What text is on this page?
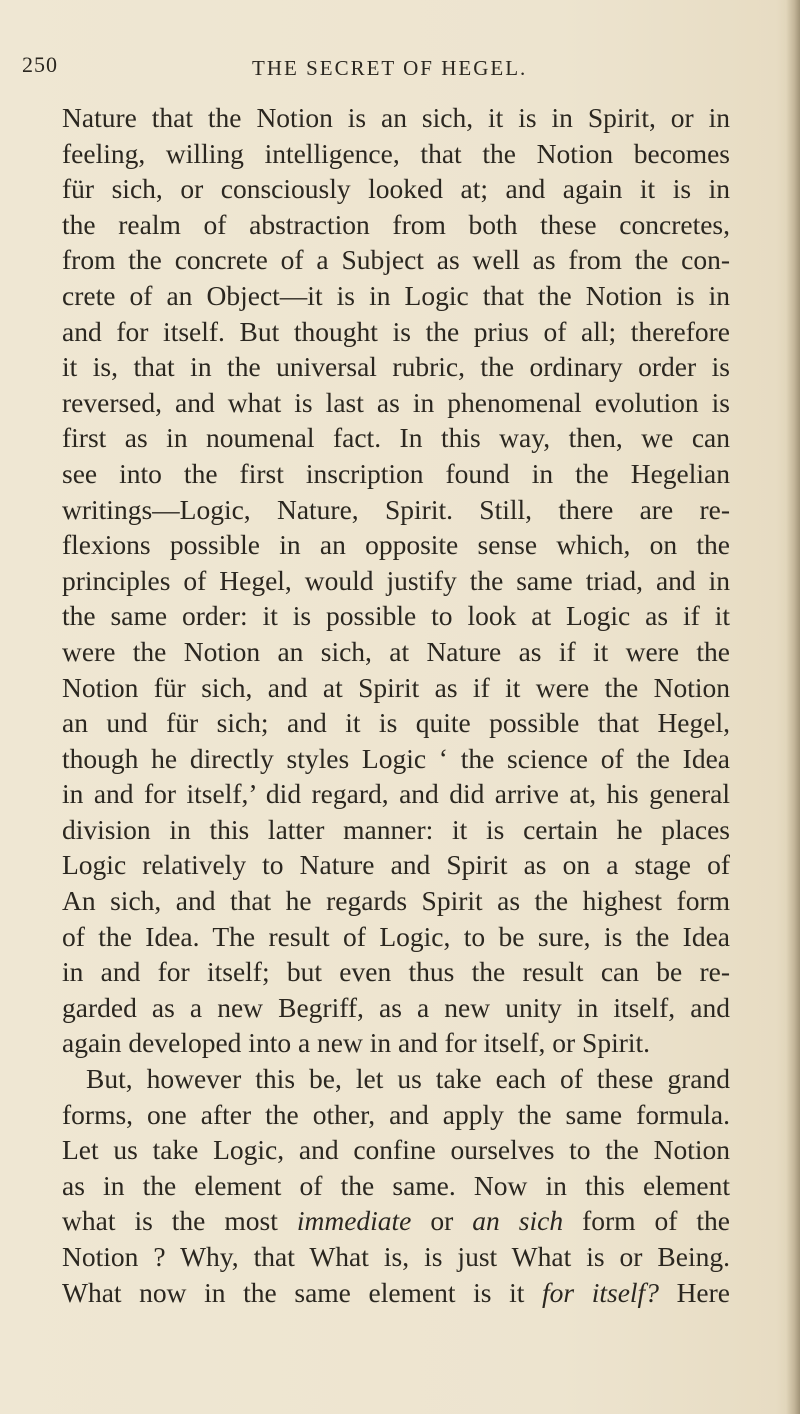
250	THE SECRET OF HEGEL.
Nature that the Notion is an sich, it is in Spirit, or in
feeling, willing intelligence, that the Notion becomes
für sich, or consciously looked at; and again it is in
the realm of abstraction from both these concretes,
from the concrete of a Subject as well as from the con-
crete of an Object—it is in Logic that the Notion is in
and for itself. But thought is the prius of all; therefore
it is, that in the universal rubric, the ordinary order is
reversed, and what is last as in phenomenal evolution is
first as in noumenal fact. In this way, then, we can
see into the first inscription found in the Hegelian
writings—Logic, Nature, Spirit. Still, there are re-
flexions possible in an opposite sense which, on the
principles of Hegel, would justify the same triad, and in
the same order: it is possible to look at Logic as if it
were the Notion an sich, at Nature as if it were the
Notion für sich, and at Spirit as if it were the Notion
an und für sich; and it is quite possible that Hegel,
though he directly styles Logic ‘ the science of the Idea
in and for itself,’ did regard, and did arrive at, his general
division in this latter manner: it is certain he places
Logic relatively to Nature and Spirit as on a stage of
An sich, and that he regards Spirit as the highest form
of the Idea. The result of Logic, to be sure, is the Idea
in and for itself; but even thus the result can be re-
garded as a new Begriff, as a new unity in itself, and
again developed into a new in and for itself, or Spirit.
But, however this be, let us take each of these grand
forms, one after the other, and apply the same formula.
Let us take Logic, and confine ourselves to the Notion
as in the element of the same. Now in this element
what is the most immediate or an sich form of the
Notion ? Why, that What is, is just What is or Being.
What now in the same element is it for itself? Here
